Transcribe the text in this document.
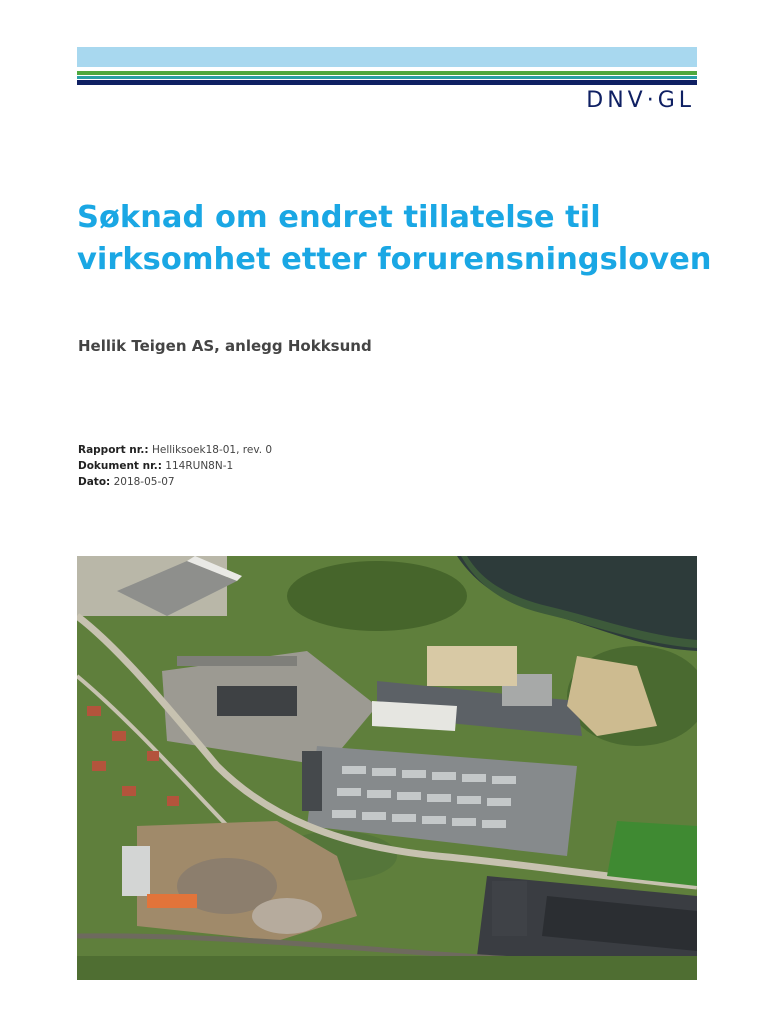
DNV·GL
Søknad om endret tillatelse til virksomhet etter forurensningsloven
Hellik Teigen AS, anlegg Hokksund
Rapport nr.: Helliksoek18-01, rev. 0
Dokument nr.: 114RUN8N-1
Dato: 2018-05-07
